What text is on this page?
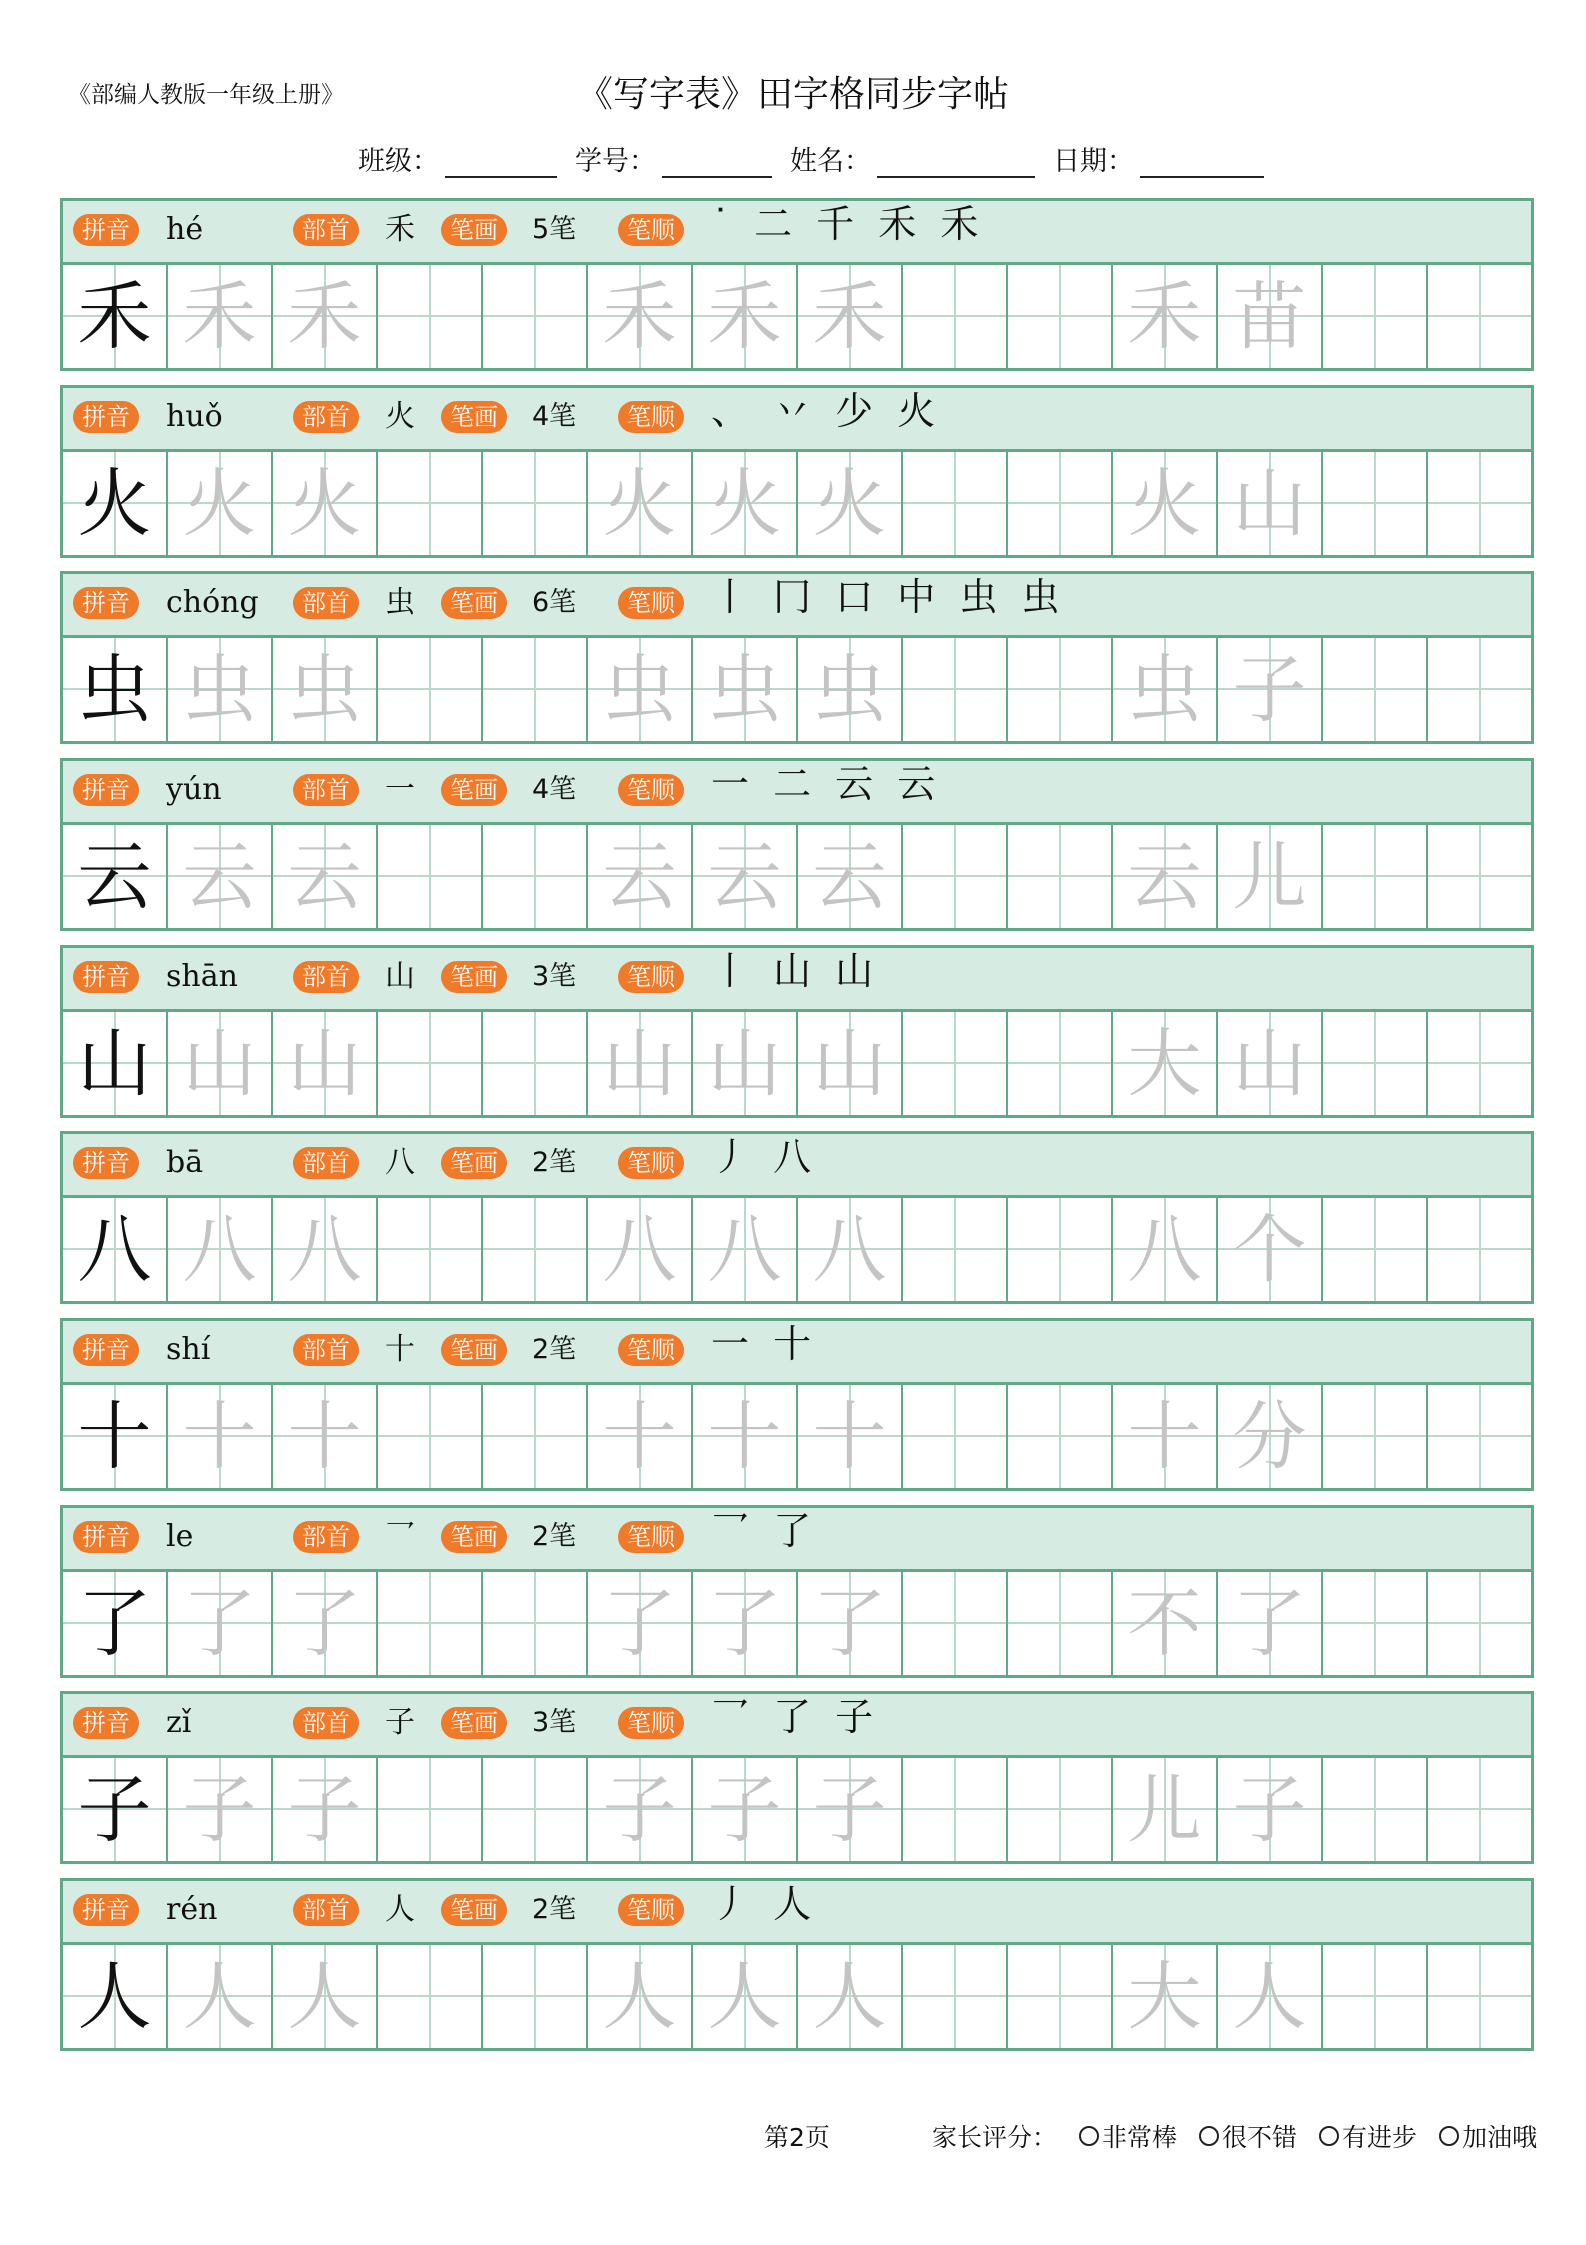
《部编人教版一年级上册》	《写字表》田字格同步字帖
班级：	学号：	姓名：	日期：
拼音	hé	部首	禾	笔画	5笔	笔顺 ˙ 二 千 禾 禾
禾 禾 禾	禾 禾 禾	禾 苗
拼音	huǒ	部首	火	笔画	4笔	笔顺 、 丷 少 火
火 火 火	火 火 火	火 山
拼音	chóng	部首	虫	笔画	6笔	笔顺 丨 冂 口 中 虫 虫
虫 虫 虫	虫 虫 虫	虫 子
拼音	yún	部首	一	笔画	4笔	笔顺 一 二 云 云
云 云 云	云 云 云	云 儿
拼音	shān	部首	山	笔画	3笔	笔顺 丨 山 山
山 山 山	山 山 山	大 山
拼音	bā	部首	八	笔画	2笔	笔顺 丿 八
八 八 八	八 八 八	八 个
拼音	shí	部首	十	笔画	2笔	笔顺 一 十
十 十 十	十 十 十	十 分
拼音	le	部首	乛	笔画	2笔	笔顺 乛 了
了 了 了	了 了 了	不 了
拼音	zǐ	部首	子	笔画	3笔	笔顺 乛 了 子
子 子 子	子 子 子	儿 子
拼音	rén	部首	人	笔画	2笔	笔顺 丿 人
人 人 人	人 人 人	大 人
第2页	家长评分： 非常棒 很不错 有进步 加油哦
